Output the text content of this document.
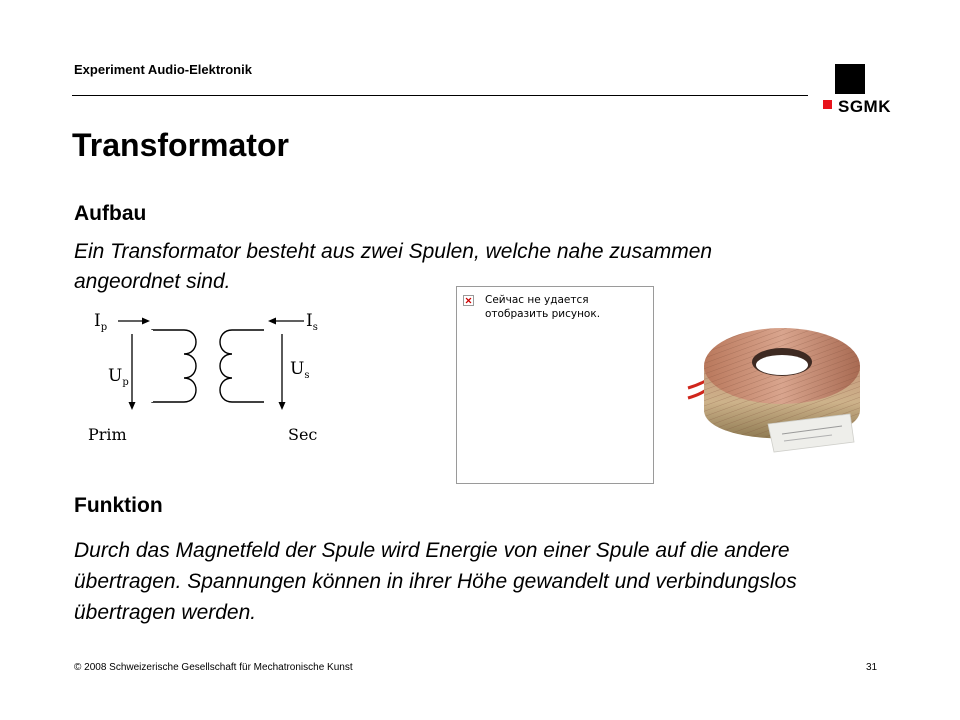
Experiment Audio-Elektronik
SGMK
Transformator
Aufbau
Ein Transformator besteht aus zwei Spulen, welche nahe zusammen angeordnet sind.
$I_p$
$U_p$
$I_s$
$U_s$
Prim	Sec
Сейчас не удается отобразить рисунок.
Funktion
Durch das Magnetfeld der Spule wird Energie von einer Spule auf die andere übertragen. Spannungen können in ihrer Höhe gewandelt und verbindungslos übertragen werden.
© 2008 Schweizerische Gesellschaft für Mechatronische Kunst	31
